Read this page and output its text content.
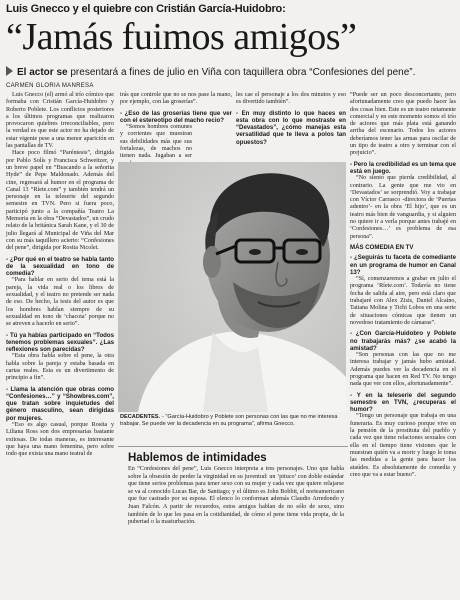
Luis Gnecco y el quiebre con Cristián García-Huidobro:
“Jamás fuimos amigos”
El actor se presentará a fines de julio en Viña con taquillera obra “Confesiones del pene”.
CARMEN GLORIA MANRESA

Luis Gnecco (el) armó al trío cómico que formaba con Cristián García-Huidobro y Roberto Poblete. Los conflictos posteriores a los últimos programas que realizaron provocaron quiebres irreconciliables, pero la verdad es que este actor no ha dejado de estar vigente pese a una menor aparición en las pantallas de TV.

Hace poco filmó “Paréntesis”, dirigida por Pablo Solís y Francisca Schweitzer, y un breve papel en “Buscando a la señorita Hyde” de Pepe Maldonado. Además del cine, regresará al humor en el programa de Canal 13 “Ríete.com” y también tendrá un personaje en la teleserie del segundo semestre en TVN. Pero si fuera poco, participó junto a la compañía Teatro La Memoria en la obra “Devastados”, un crudo relato de la británica Sarah Kane, y el 30 de julio llegará al Municipal de Viña del Mar con su más taquillero acierto: “Confesiones del pene”, dirigida por Rosita Nicolet.

- ¿Por qué en el teatro se habla tanto de la sexualidad en tono de comedia?

“Para hablar en serio del tema está la pareja, la vida real o los libros de sexualidad, y el teatro no pretende ser nada de eso. De hecho, la tesis del autor es que los hombres hablan siempre de su sexualidad en tono de ‘chacota’ porque no se atreven a hacerlo en serio”.

- Tú ya habías participado en “Todos tenemos problemas sexuales”. ¿Las reflexiones son parecidas?

“Esta obra habla sobre el pene, la otra habla sobre la pareja y estaba basada en cartas reales. Esta es un divertimento de principio a fin”.

- Llama la atención que obras como “Confesiones…” y “Showbres.com”, que tratan sobre inquietudes del género masculino, sean dirigidas por mujeres.

“Eso es algo casual, porque Rosita y Liliana Ross son dos empresarias bastante exitosas. De todas maneras, es interesante que haya una mano femenina, pero sobre todo que exista una mano teatral de

trás que controle que no se nos pase la mano, por ejemplo, con las groserías”.

- ¿Eso de las groserías tiene que ver con el estereotipo del macho recio?

“Somos hombres comunes y corrientes que muestran sus debilidades más que sus fortalezas, de machos no tienen nada. Jugaban a ser

les cae el personaje a los dos minutos y eso es divertido también”.

- En muy distinto lo que haces en esta obra con lo que mostraste en “Devastados”, ¿cómo manejas esta versatilidad que te lleva a polos tan opuestos?

DECADENTES. - “García-Huidobro y Poblete son personas con las que no me interesa trabajar. Se puede ver la decadencia en su programa”, afirma Gnecco.
Hablemos de intimidades
En “Confesiones del pene”, Luis Gnecco interpreta a tres personajes. Uno que habla sobre la obsesión de perder la virginidad en su juventud: un ‘pituco’ con doble estándar que tiene serios problemas para tener sexo con su mujer y cada vez que quiere relajarse se va al conocido Lucas Bar, de Santiago; y el último es John Bobbit, el norteamericano que fue castrado por su esposa. El elenco lo conforman además Claudio Arredondo y Juan Falcón. A partir de recuerdos, estos amigos hablan de no sólo de sexo, sino también de lo que les pasa en la cotidianidad, de cómo el pene tiene vida propia, de la pubertad o la masturbación.

“Puede ser un poco desconcertante, pero afortunadamente creo que puedo hacer las dos cosas bien. Este es un teatro netamente comercial y en este momento somos el trío de actores que más plata está ganando arriba del escenario. Todos los actores deberíamos tener las armas para oscilar de un tipo de teatro a otro y terminar con el prejuicio”.

- Pero la credibilidad es un tema que está en juego.

“No siento que pierda credibilidad, al contrario. La gente que me vio en ‘Devastados’ se sorprendió. Voy a trabajar con Víctor Carrasco -directora de ‘Puertas adentro’- en la obra ‘El hijo’, que es un teatro más bien de vanguardia, y si alguien no quiere ir a verla porque antes trabajé en ‘Confesiones…’ es problema de esa persona”.

MÁS COMEDIA EN TV

- ¿Seguirás tu faceta de comediante en un programa de humor en Canal 13?

“Sí, comenzaremos a grabar en julio el programa ‘Ríete.com’. Todavía no tiene fecha de salida al aire, pero está claro que trabajaré con Alex Zisis, Daniel Alcaíno, Tatiana Molina y Tichi Lobos en una serie de situaciones cómicas que tienen un novedoso tratamiento de cámaras”.

- ¿Con García-Huidobro y Poblete no trabajarás más? ¿se acabó la amistad?

“Son personas con las que no me interesa trabajar y jamás hubo amistad. Además puedes ver la decadencia en el programa que hacen en Red TV. No tengo nada que ver con ellos, afortunadamente”.

- Y en la teleserie del segundo semestre en TVN, ¿recuperas el humor?

“Tengo un personaje que trabaja en una funeraria. Es muy curioso porque vive en la pensión de la prostituta del pueblo y cada vez que tiene relaciones sexuales con ella en el tiempo tiene visiones que le muestran quién va a morir y luego le toma las medidas a la gente para hacer los ataúdes. Es absolutamente de comedia y creo que va a estar bueno”.
